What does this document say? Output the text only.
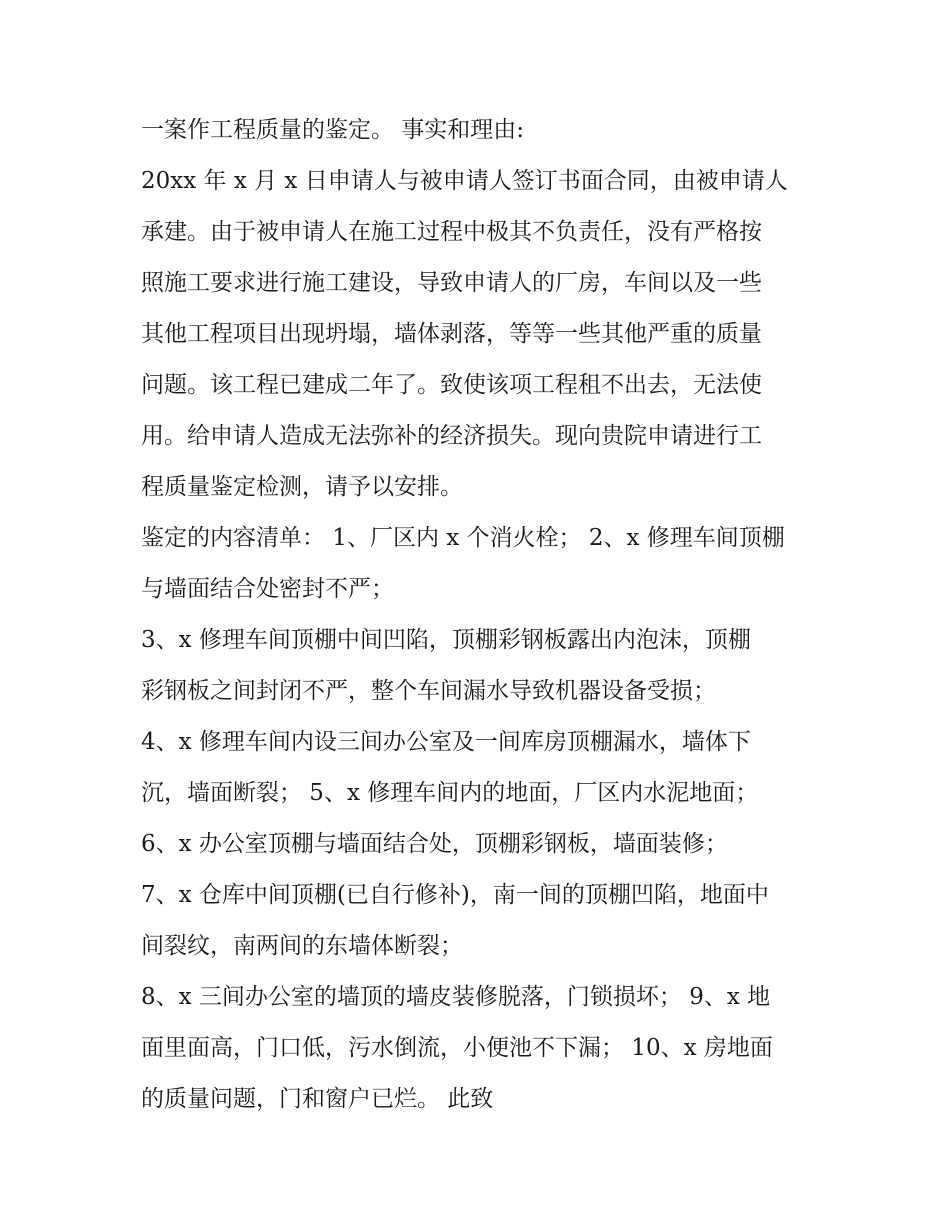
一案作工程质量的鉴定。 事实和理由:
20xx 年 x 月 x 日申请人与被申请人签订书面合同，由被申请人
承建。由于被申请人在施工过程中极其不负责任，没有严格按
照施工要求进行施工建设，导致申请人的厂房，车间以及一些
其他工程项目出现坍塌，墙体剥落，等等一些其他严重的质量
问题。该工程已建成二年了。致使该项工程租不出去，无法使
用。给申请人造成无法弥补的经济损失。现向贵院申请进行工
程质量鉴定检测，请予以安排。
鉴定的内容清单： 1、厂区内 x 个消火栓； 2、x 修理车间顶棚
与墙面结合处密封不严；
3、x 修理车间顶棚中间凹陷，顶棚彩钢板露出内泡沫，顶棚
彩钢板之间封闭不严，整个车间漏水导致机器设备受损；
4、x 修理车间内设三间办公室及一间库房顶棚漏水，墙体下
沉，墙面断裂； 5、x 修理车间内的地面，厂区内水泥地面；
6、x 办公室顶棚与墙面结合处，顶棚彩钢板，墙面装修；
7、x 仓库中间顶棚(已自行修补)，南一间的顶棚凹陷，地面中
间裂纹，南两间的东墙体断裂；
8、x 三间办公室的墙顶的墙皮装修脱落，门锁损坏； 9、x 地
面里面高，门口低，污水倒流，小便池不下漏； 10、x 房地面
的质量问题，门和窗户已烂。 此致
